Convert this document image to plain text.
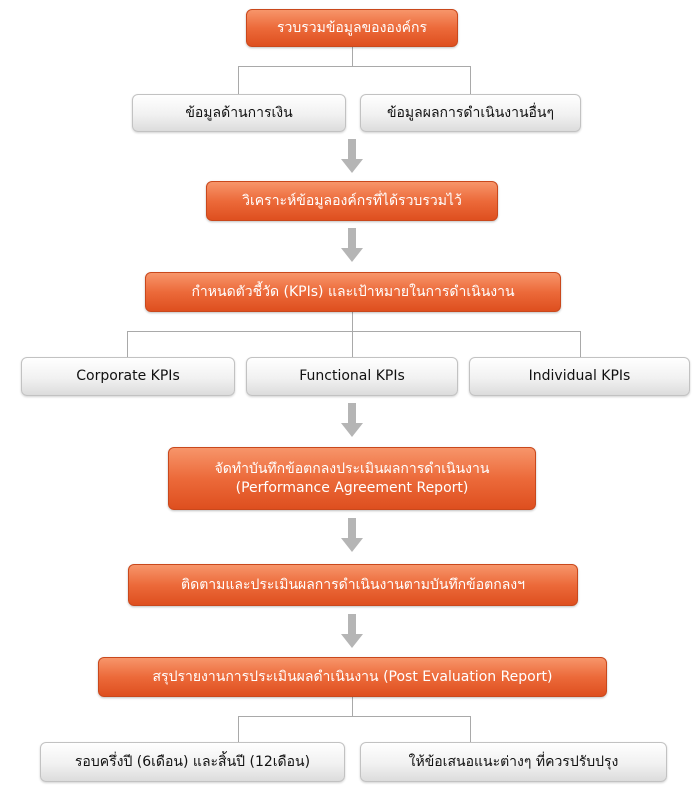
รวบรวมข้อมูลขององค์กร
ข้อมูลด้านการเงิน	ข้อมูลผลการดำเนินงานอื่นๆ
วิเคราะห์ข้อมูลองค์กรที่ได้รวบรวมไว้
กำหนดตัวชี้วัด (KPIs) และเป้าหมายในการดำเนินงาน
Corporate KPIs	Functional KPIs	Individual KPIs
จัดทำบันทึกข้อตกลงประเมินผลการดำเนินงาน
(Performance Agreement Report)
ติดตามและประเมินผลการดำเนินงานตามบันทึกข้อตกลงฯ
สรุปรายงานการประเมินผลดำเนินงาน (Post Evaluation Report)
รอบครึ่งปี (6เดือน) และสิ้นปี (12เดือน)	ให้ข้อเสนอแนะต่างๆ ที่ควรปรับปรุง
